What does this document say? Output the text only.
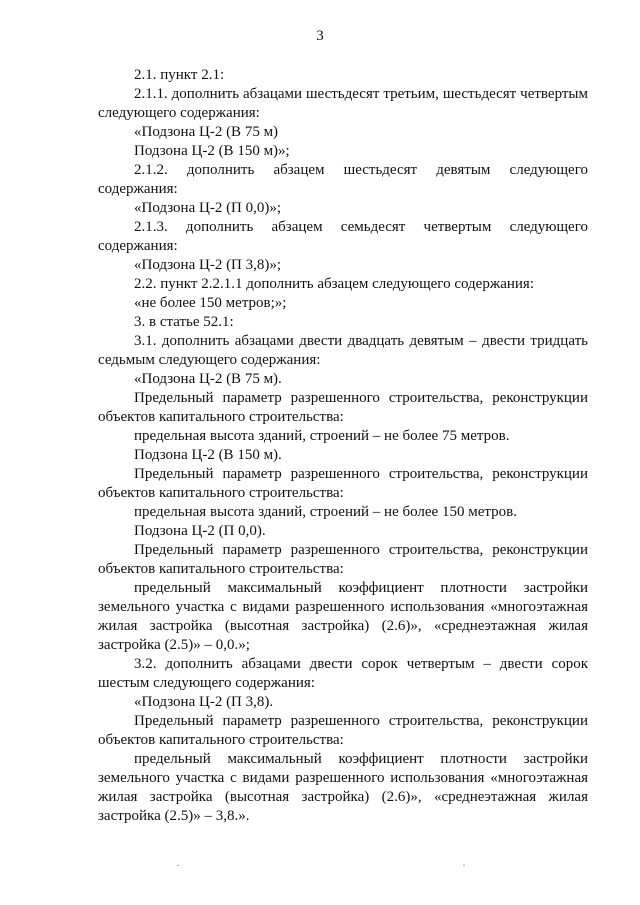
3

2.1. пункт 2.1:

2.1.1. дополнить абзацами шестьдесят третьим, шестьдесят четвертым следующего содержания:

«Подзона Ц-2 (В 75 м)

Подзона Ц-2 (В 150 м)»;

2.1.2. дополнить абзацем шестьдесят девятым следующего содержания:

«Подзона Ц-2 (П 0,0)»;

2.1.3. дополнить абзацем семьдесят четвертым следующего содержания:

«Подзона Ц-2 (П 3,8)»;

2.2. пункт 2.2.1.1 дополнить абзацем следующего содержания:

«не более 150 метров;»;

3. в статье 52.1:

3.1. дополнить абзацами двести двадцать девятым – двести тридцать седьмым следующего содержания:

«Подзона Ц-2 (В 75 м).

Предельный параметр разрешенного строительства, реконструкции объектов капитального строительства:

предельная высота зданий, строений – не более 75 метров.

Подзона Ц-2 (В 150 м).

Предельный параметр разрешенного строительства, реконструкции объектов капитального строительства:

предельная высота зданий, строений – не более 150 метров.

Подзона Ц-2 (П 0,0).

Предельный параметр разрешенного строительства, реконструкции объектов капитального строительства:

предельный максимальный коэффициент плотности застройки земельного участка с видами разрешенного использования «многоэтажная жилая застройка (высотная застройка) (2.6)», «среднеэтажная жилая застройка (2.5)» – 0,0.»;

3.2. дополнить абзацами двести сорок четвертым – двести сорок шестым следующего содержания:

«Подзона Ц-2 (П 3,8).

Предельный параметр разрешенного строительства, реконструкции объектов капитального строительства:

предельный максимальный коэффициент плотности застройки земельного участка с видами разрешенного использования «многоэтажная жилая застройка (высотная застройка) (2.6)», «среднеэтажная жилая застройка (2.5)» – 3,8.».

·	·
